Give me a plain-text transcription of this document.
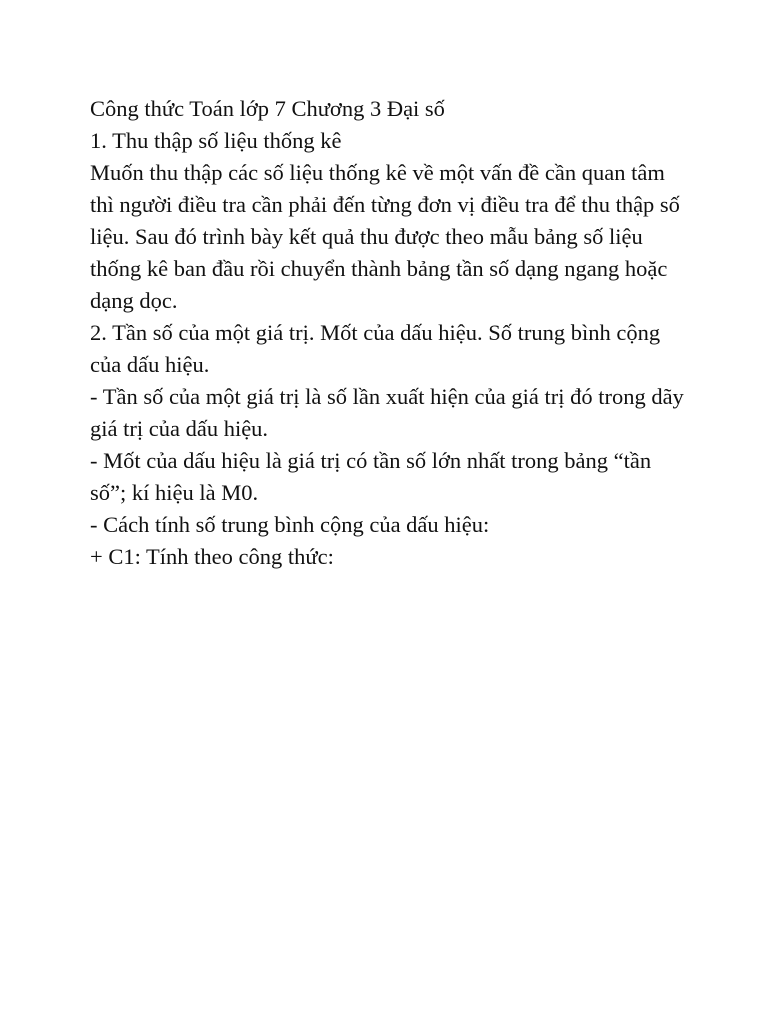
Công thức Toán lớp 7 Chương 3 Đại số

1. Thu thập số liệu thống kê

Muốn thu thập các số liệu thống kê về một vấn đề cần quan tâm thì người điều tra cần phải đến từng đơn vị điều tra để thu thập số liệu. Sau đó trình bày kết quả thu được theo mẫu bảng số liệu thống kê ban đầu rồi chuyển thành bảng tần số dạng ngang hoặc dạng dọc.

2. Tần số của một giá trị. Mốt của dấu hiệu. Số trung bình cộng của dấu hiệu.

- Tần số của một giá trị là số lần xuất hiện của giá trị đó trong dãy giá trị của dấu hiệu.

- Mốt của dấu hiệu là giá trị có tần số lớn nhất trong bảng “tần số”; kí hiệu là M0.

- Cách tính số trung bình cộng của dấu hiệu:

+ C1: Tính theo công thức:
